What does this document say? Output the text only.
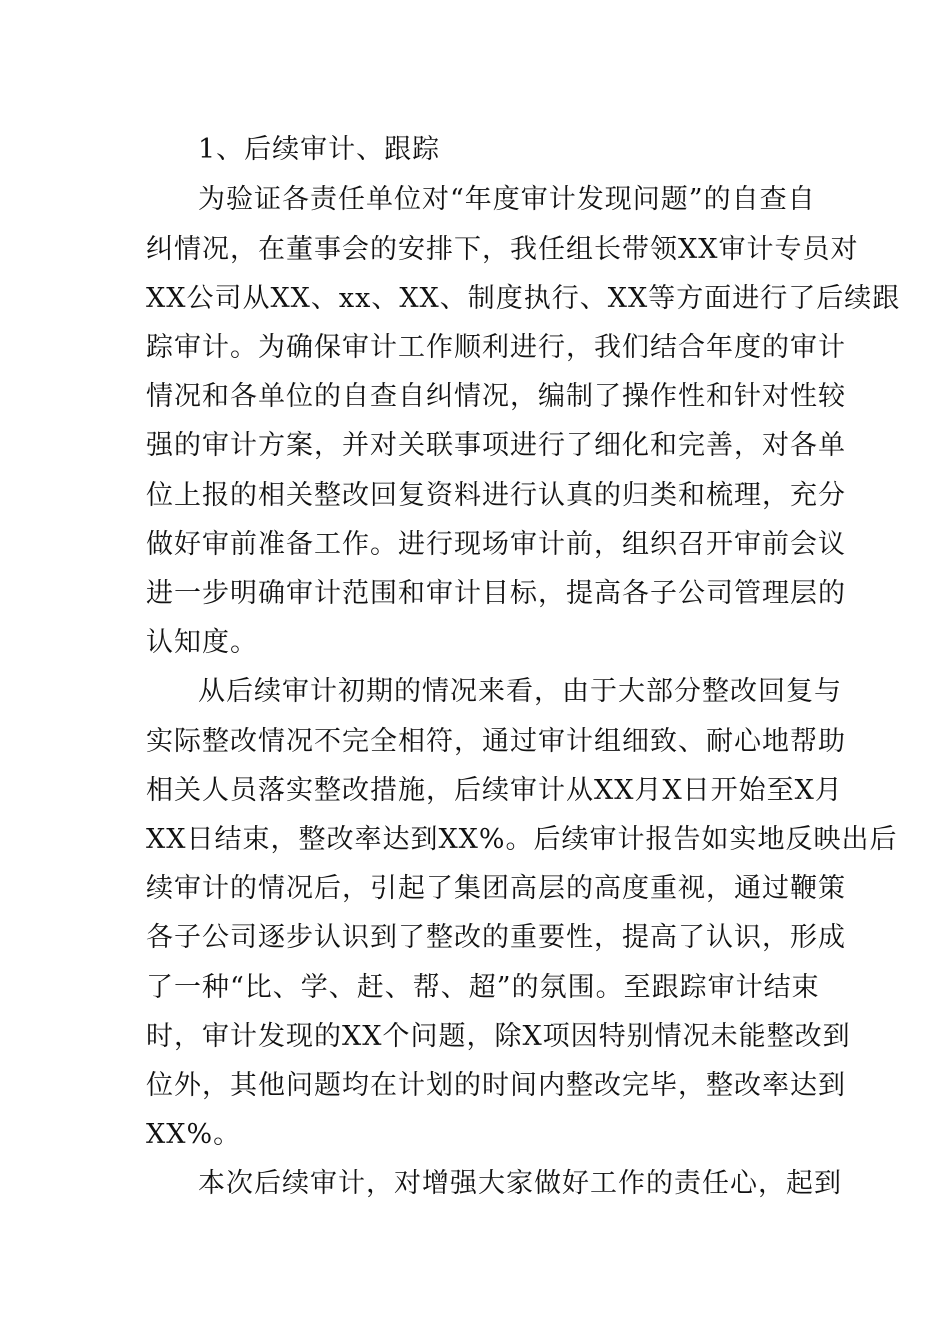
1、后续审计、跟踪
为验证各责任单位对“年度审计发现问题”的自查自
纠情况，在董事会的安排下，我任组长带领XX审计专员对
XX公司从XX、xx、XX、制度执行、XX等方面进行了后续跟
踪审计。为确保审计工作顺利进行，我们结合年度的审计
情况和各单位的自查自纠情况，编制了操作性和针对性较
强的审计方案，并对关联事项进行了细化和完善，对各单
位上报的相关整改回复资料进行认真的归类和梳理，充分
做好审前准备工作。进行现场审计前，组织召开审前会议
进一步明确审计范围和审计目标，提高各子公司管理层的
认知度。
从后续审计初期的情况来看，由于大部分整改回复与
实际整改情况不完全相符，通过审计组细致、耐心地帮助
相关人员落实整改措施，后续审计从XX月X日开始至X月
XX日结束，整改率达到XX%。后续审计报告如实地反映出后
续审计的情况后，引起了集团高层的高度重视，通过鞭策
各子公司逐步认识到了整改的重要性，提高了认识，形成
了一种“比、学、赶、帮、超”的氛围。至跟踪审计结束
时，审计发现的XX个问题，除X项因特别情况未能整改到
位外，其他问题均在计划的时间内整改完毕，整改率达到
XX%。
本次后续审计，对增强大家做好工作的责任心，起到
